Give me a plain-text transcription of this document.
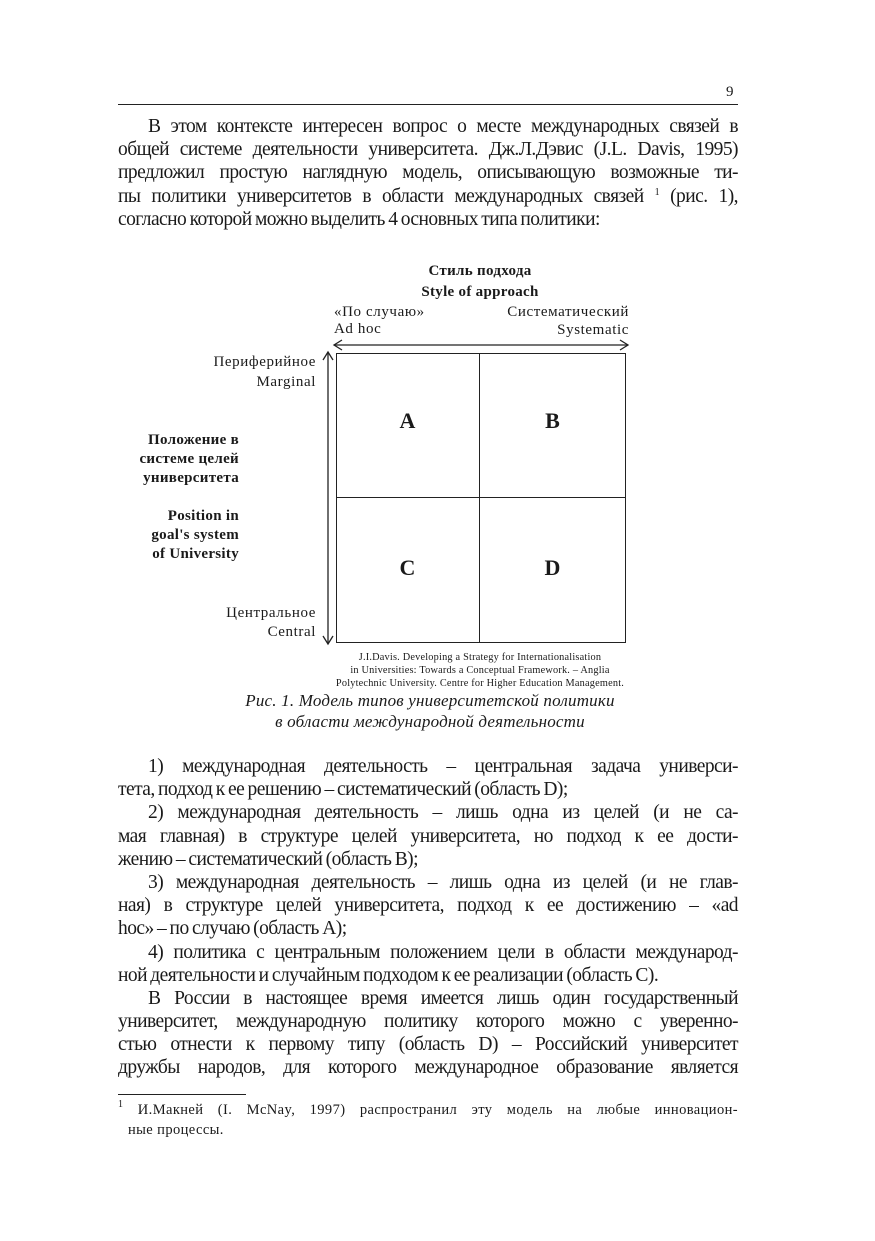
9
В этом контексте интересен вопрос о месте международных связей в
общей системе деятельности университета. Дж.Л.Дэвис (J.L. Davis, 1995)
предложил простую наглядную модель, описывающую возможные ти-
пы политики университетов в области международных связей $^1$ (рис. 1),
согласно которой можно выделить 4 основных типа политики:
Стиль подхода
Style of approach
«По случаю»
Ad hoc
Систематический
Systematic
Периферийное
Marginal
Положение в
системе целей
университета
Position in
goal's system
of University
Центральное
Central
A	B
C	D
J.I.Davis. Developing a Strategy for Internationalisation
in Universities: Towards a Conceptual Framework. – Anglia
Polytechnic University. Centre for Higher Education Management.
Рис. 1. Модель типов университетской политики
в области международной деятельности
1) международная деятельность – центральная задача универси-
тета, подход к ее решению – систематический (область D);
2) международная деятельность – лишь одна из целей (и не са-
мая главная) в структуре целей университета, но подход к ее дости-
жению – систематический (область B);
3) международная деятельность – лишь одна из целей (и не глав-
ная) в структуре целей университета, подход к ее достижению – «ad
hoc» – по случаю (область A);
4) политика с центральным положением цели в области международ-
ной деятельности и случайным подходом к ее реализации (область C).
В России в настоящее время имеется лишь один государственный
университет, международную политику которого можно с уверенно-
стью отнести к первому типу (область D) – Российский университет
дружбы народов, для которого международное образование является
$^1$ И.Макней (I. McNay, 1997) распространил эту модель на любые инновацион-
ные процессы.
